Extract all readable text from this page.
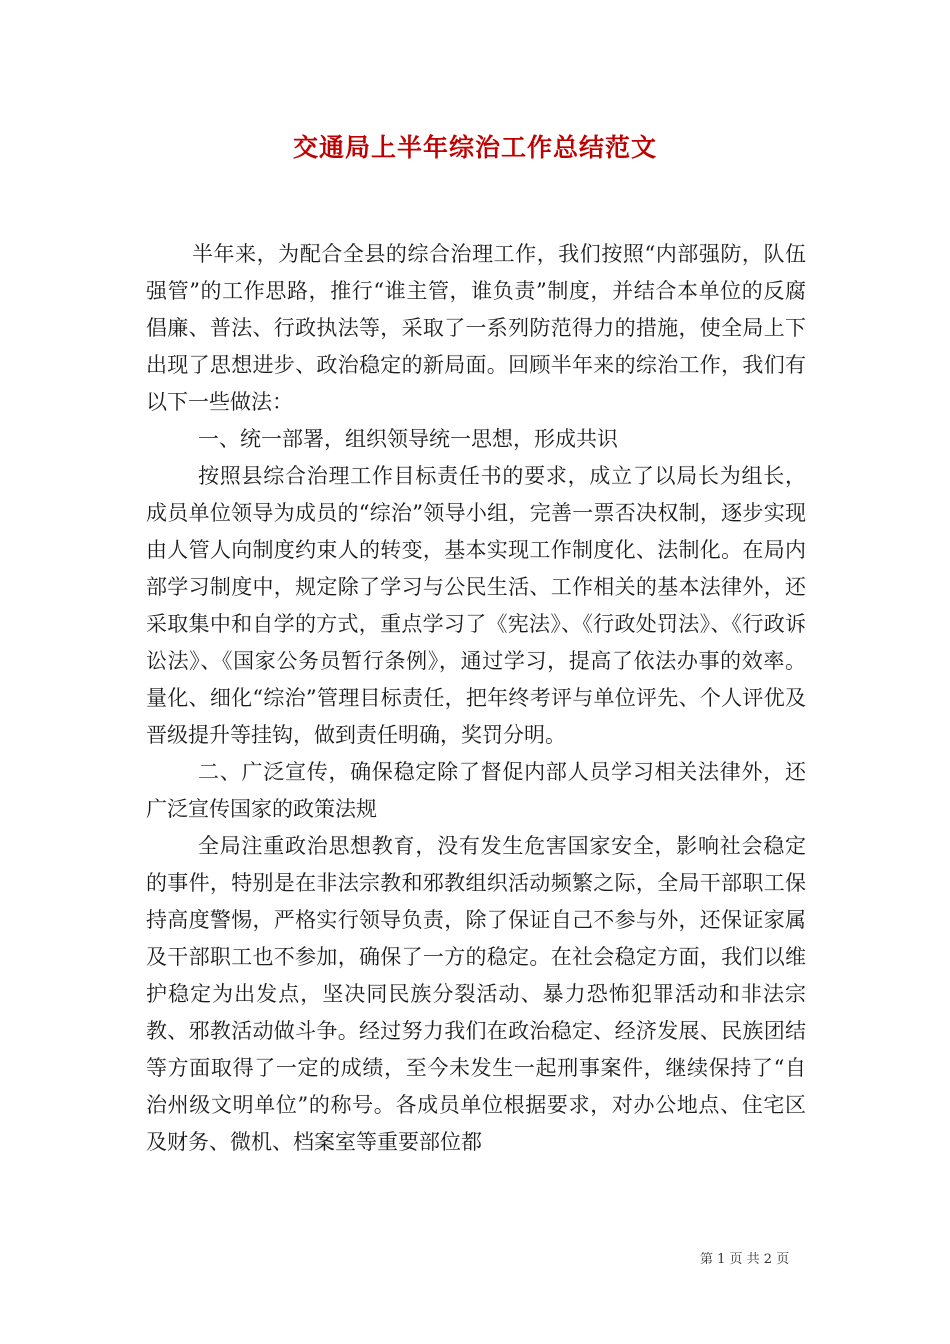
交通局上半年综治工作总结范文

半年来，为配合全县的综合治理工作，我们按照“内部强防，队伍强管”的工作思路，推行“谁主管，谁负责”制度，并结合本单位的反腐倡廉、普法、行政执法等，采取了一系列防范得力的措施，使全局上下出现了思想进步、政治稳定的新局面。回顾半年来的综治工作，我们有以下一些做法：

一、统一部署，组织领导统一思想，形成共识

按照县综合治理工作目标责任书的要求，成立了以局长为组长，成员单位领导为成员的“综治”领导小组，完善一票否决权制，逐步实现由人管人向制度约束人的转变，基本实现工作制度化、法制化。在局内部学习制度中，规定除了学习与公民生活、工作相关的基本法律外，还采取集中和自学的方式，重点学习了《宪法》、《行政处罚法》、《行政诉讼法》、《国家公务员暂行条例》，通过学习，提高了依法办事的效率。量化、细化“综治”管理目标责任，把年终考评与单位评先、个人评优及晋级提升等挂钩，做到责任明确，奖罚分明。

二、广泛宣传，确保稳定除了督促内部人员学习相关法律外，还广泛宣传国家的政策法规

全局注重政治思想教育，没有发生危害国家安全，影响社会稳定的事件，特别是在非法宗教和邪教组织活动频繁之际，全局干部职工保持高度警惕，严格实行领导负责，除了保证自己不参与外，还保证家属及干部职工也不参加，确保了一方的稳定。在社会稳定方面，我们以维护稳定为出发点，坚决同民族分裂活动、暴力恐怖犯罪活动和非法宗教、邪教活动做斗争。经过努力我们在政治稳定、经济发展、民族团结等方面取得了一定的成绩，至今未发生一起刑事案件，继续保持了“自治州级文明单位”的称号。各成员单位根据要求，对办公地点、住宅区及财务、微机、档案室等重要部位都

第 1 页 共 2 页
